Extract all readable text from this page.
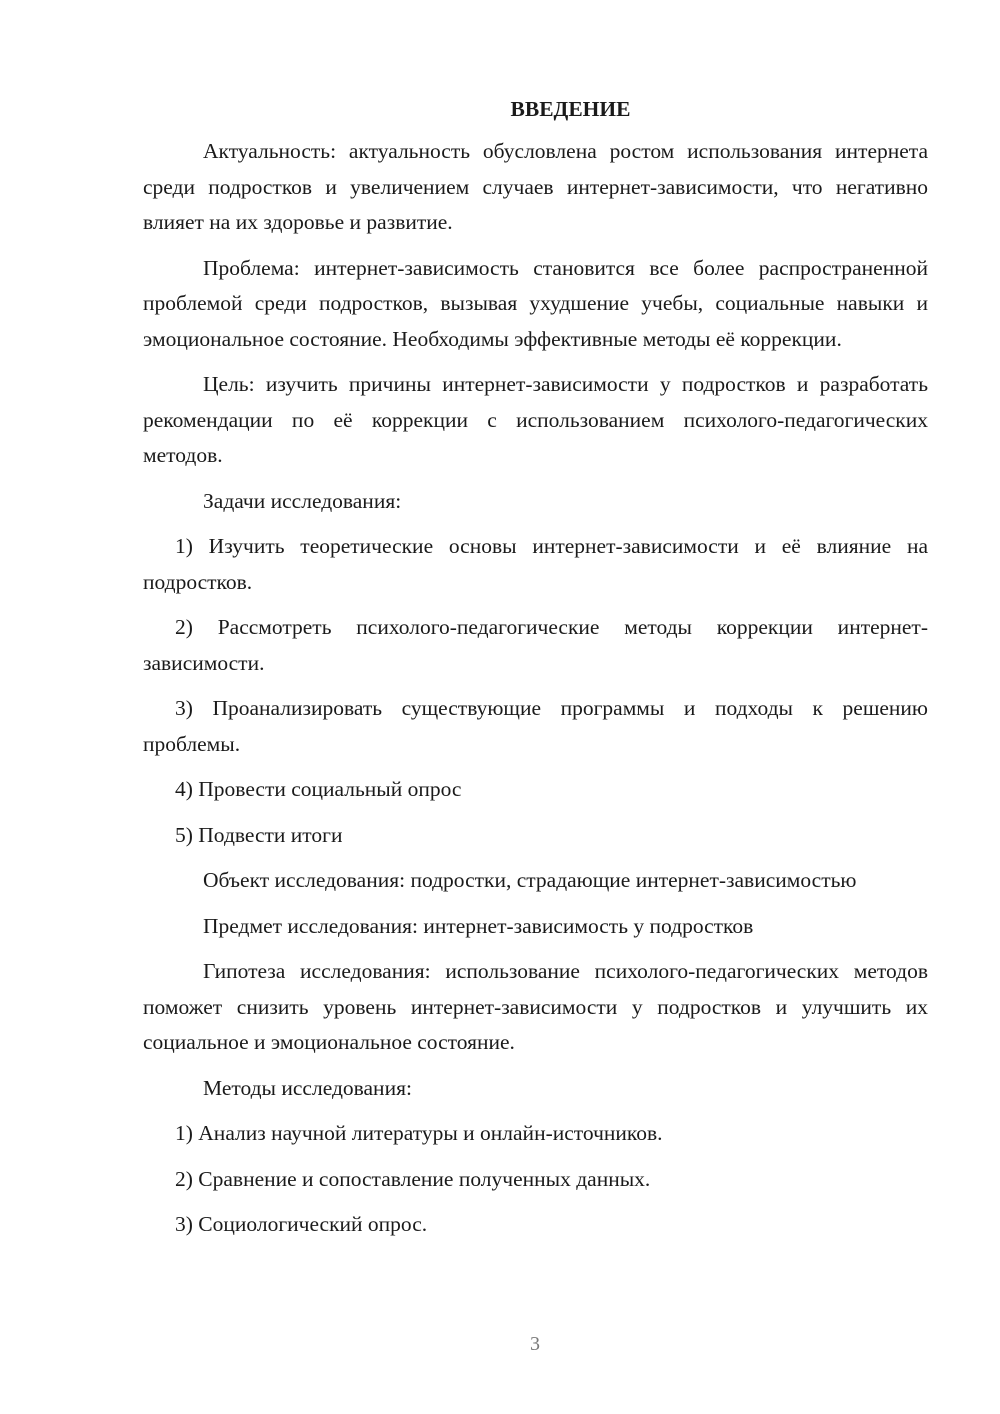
ВВЕДЕНИЕ

Актуальность: актуальность обусловлена ростом использования интернета среди подростков и увеличением случаев интернет-зависимости, что негативно влияет на их здоровье и развитие.

Проблема: интернет-зависимость становится все более распространенной проблемой среди подростков, вызывая ухудшение учебы, социальные навыки и эмоциональное состояние. Необходимы эффективные методы её коррекции.

Цель: изучить причины интернет-зависимости у подростков и разработать рекомендации по её коррекции с использованием психолого-педагогических методов.

Задачи исследования:

1) Изучить теоретические основы интернет-зависимости и её влияние на подростков.

2) Рассмотреть психолого-педагогические методы коррекции интернет-зависимости.

3) Проанализировать существующие программы и подходы к решению проблемы.

4) Провести социальный опрос

5) Подвести итоги

Объект исследования: подростки, страдающие интернет-зависимостью

Предмет исследования: интернет-зависимость у подростков

Гипотеза исследования: использование психолого-педагогических методов поможет снизить уровень интернет-зависимости у подростков и улучшить их социальное и эмоциональное состояние.

Методы исследования:

1) Анализ научной литературы и онлайн-источников.

2) Сравнение и сопоставление полученных данных.

3) Социологический опрос.

3
